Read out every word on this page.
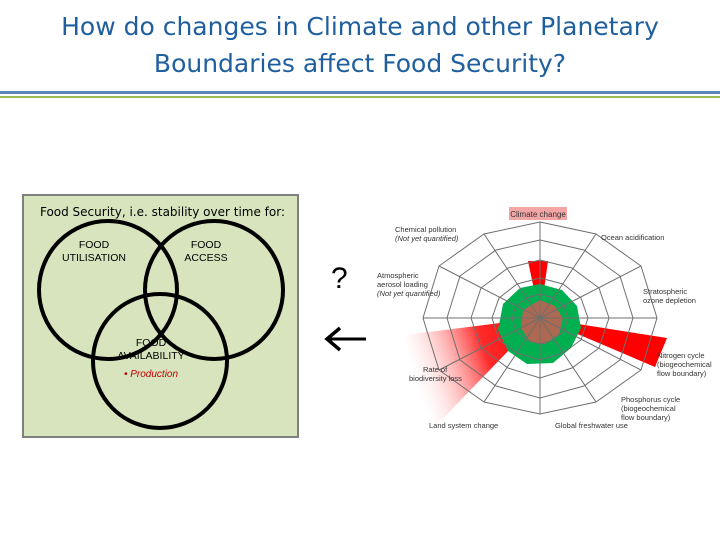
How do changes in Climate and other Planetary
Boundaries affect Food Security?
Food Security, i.e. stability over time for:
FOOD UTILISATION
FOOD ACCESS
FOOD AVAILABILITY
• Production
?
Climate change
Chemical pollution (Not yet quantified)	Ocean acidification
Atmospheric aerosol loading (Not yet quantified)	Stratospheric ozone depletion
Rate of biodiversity loss
Nitrogen cycle (biogeochemical flow boundary)
Phosphorus cycle (biogeochemical flow boundary)
Land system change	Global freshwater use
